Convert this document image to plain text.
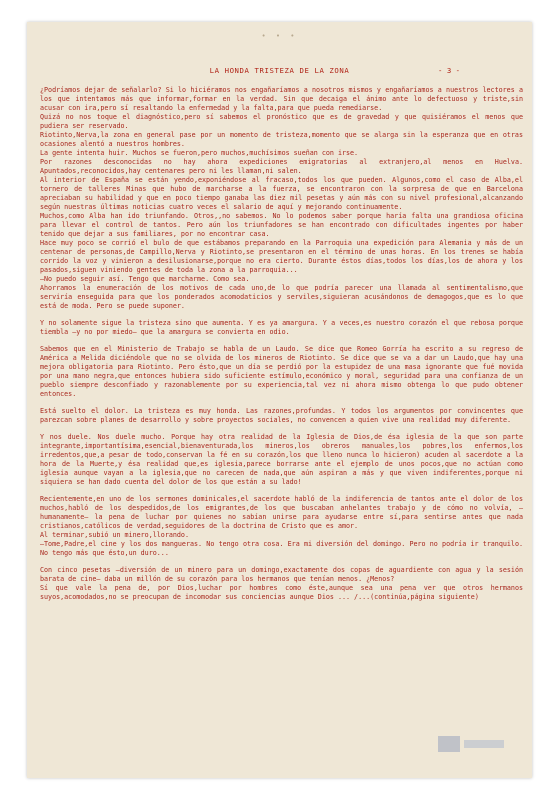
• • •
LA HONDA TRISTEZA DE LA ZONA	- 3 -

¿Podríamos dejar de señalarlo? Si lo hiciéramos nos engañaríamos a nosotros mismos y engañaríamos a nuestros lectores a los que intentamos más que informar,formar en la verdad. Sin que decaiga el ánimo ante lo defectuoso y triste,sin acusar con ira,pero sí resaltando la enfermedad y la falta,para que pueda remediarse.

Quizá no nos toque el diagnóstico,pero sí sabemos el pronóstico que es de gravedad y que quisiéramos el menos que pudiera ser reservado.

Riotinto,Nerva,la zona en general pase por un momento de tristeza,momento que se alarga sin la esperanza que en otras ocasiones alentó a nuestros hombres.

La gente intenta huir. Muchos se fueron,pero muchos,muchísimos sueñan con irse.

Por razones desconocidas no hay ahora expediciones emigratorias al extranjero,al menos en Huelva. Apuntados,reconocidos,hay centenares pero ni les llaman,ni salen.

Al interior de España se están yendo,exponiéndose al fracaso,todos los que pueden. Algunos,como el caso de Alba,el tornero de talleres Minas que hubo de marcharse a la fuerza, se encontraron con la sorpresa de que en Barcelona apreciaban su habilidad y que en poco tiempo ganaba las diez mil pesetas y aún más con su nivel profesional,alcanzando según nuestras últimas noticias cuatro veces el salario de aquí y mejorando continuamente.

Muchos,como Alba han ido triunfando. Otros,,no sabemos. No lo podemos saber porque haría falta una grandiosa oficina para llevar el control de tantos. Pero aún los triunfadores se han encontrado con dificultades ingentes por haber tenido que dejar a sus familiares, por no encontrar casa.

Hace muy poco se corrió el bulo de que estábamos preparando en la Parroquia una expedición para Alemania y más de un centenar de personas,de Campillo,Nerva y Riotinto,se presentaron en el término de unas horas. En los trenes se había corrido la voz y vinieron a desilusionarse,porque no era cierto. Durante éstos días,todos los días,los de ahora y los pasados,siguen viniendo gentes de toda la zona a la parroquia...

–No puedo seguir así. Tengo que marcharme. Como sea.

Ahorramos la enumeración de los motivos de cada uno,de lo que podría parecer una llamada al sentimentalismo,que serviría enseguida para que los ponderados acomodaticios y serviles,siguieran acusándonos de demagogos,que es lo que está de moda. Pero se puede suponer.

Y no solamente sigue la tristeza sino que aumenta. Y es ya amargura. Y a veces,es nuestro corazón el que rebosa porque tiembla –y no por miedo– que la amargura se convierta en odio.

Sabemos que en el Ministerio de Trabajo se habla de un Laudo. Se dice que Romeo Gorría ha escrito a su regreso de América a Melida diciéndole que no se olvida de los mineros de Riotinto. Se dice que se va a dar un Laudo,que hay una mejora obligatoria para Riotinto. Pero ésto,que un día se perdió por la estupidez de una masa ignorante que fué movida por una mano negra,que entonces hubiera sido suficiente estímulo,económico y moral, seguridad para una confianza de un pueblo siempre desconfiado y razonablemente por su experiencia,tal vez ni ahora mismo obtenga lo que pudo obtener entonces.

Está suelto el dolor. La tristeza es muy honda. Las razones,profundas. Y todos los argumentos por convincentes que parezcan sobre planes de desarrollo y sobre proyectos sociales, no convencen a quien vive una realidad muy diferente.

Y nos duele. Nos duele mucho. Porque hay otra realidad de la Iglesia de Dios,de ésa iglesia de la que son parte integrante,importantísima,esencial,bienaventurada,los mineros,los obreros manuales,los pobres,los enfermos,los irredentos,que,a pesar de todo,conservan la fé en su corazón,los que lleno nunca lo hicieron) acuden al sacerdote a la hora de la Muerte,y ésa realidad que,es iglesia,parece borrarse ante el ejemplo de unos pocos,que no actúan como iglesia aunque vayan a la iglesia,que no carecen de nada,que aún aspiran a más y que viven indiferentes,porque ni siquiera se han dado cuenta del dolor de los que están a su lado!

Recientemente,en uno de los sermones dominicales,el sacerdote habló de la indiferencia de tantos ante el dolor de los muchos,habló de los despedidos,de los emigrantes,de los que buscaban anhelantes trabajo y de cómo no volvía, –humanamente– la pena de luchar por quienes no sabían unirse para ayudarse entre sí,para sentirse antes que nada cristianos,católicos de verdad,seguidores de la doctrina de Cristo que es amor.

Al terminar,subió un minero,llorando.

–Tome,Padre,el cine y los dos mangueras. No tengo otra cosa. Era mi diversión del domingo. Pero no podría ir tranquilo. No tengo más que ésto,un duro...

Con cinco pesetas –diversión de un minero para un domingo,exactamente dos copas de aguardiente con agua y la sesión barata de cine– daba un millón de su corazón para los hermanos que tenían menos. ¿Menos?

Sí que vale la pena de, por Dios,luchar por hombres como éste,aunque sea una pena ver que otros hermanos suyos,acomodados,no se preocupan de incomodar sus conciencias aunque Dios ... /...(continúa,página siguiente)
